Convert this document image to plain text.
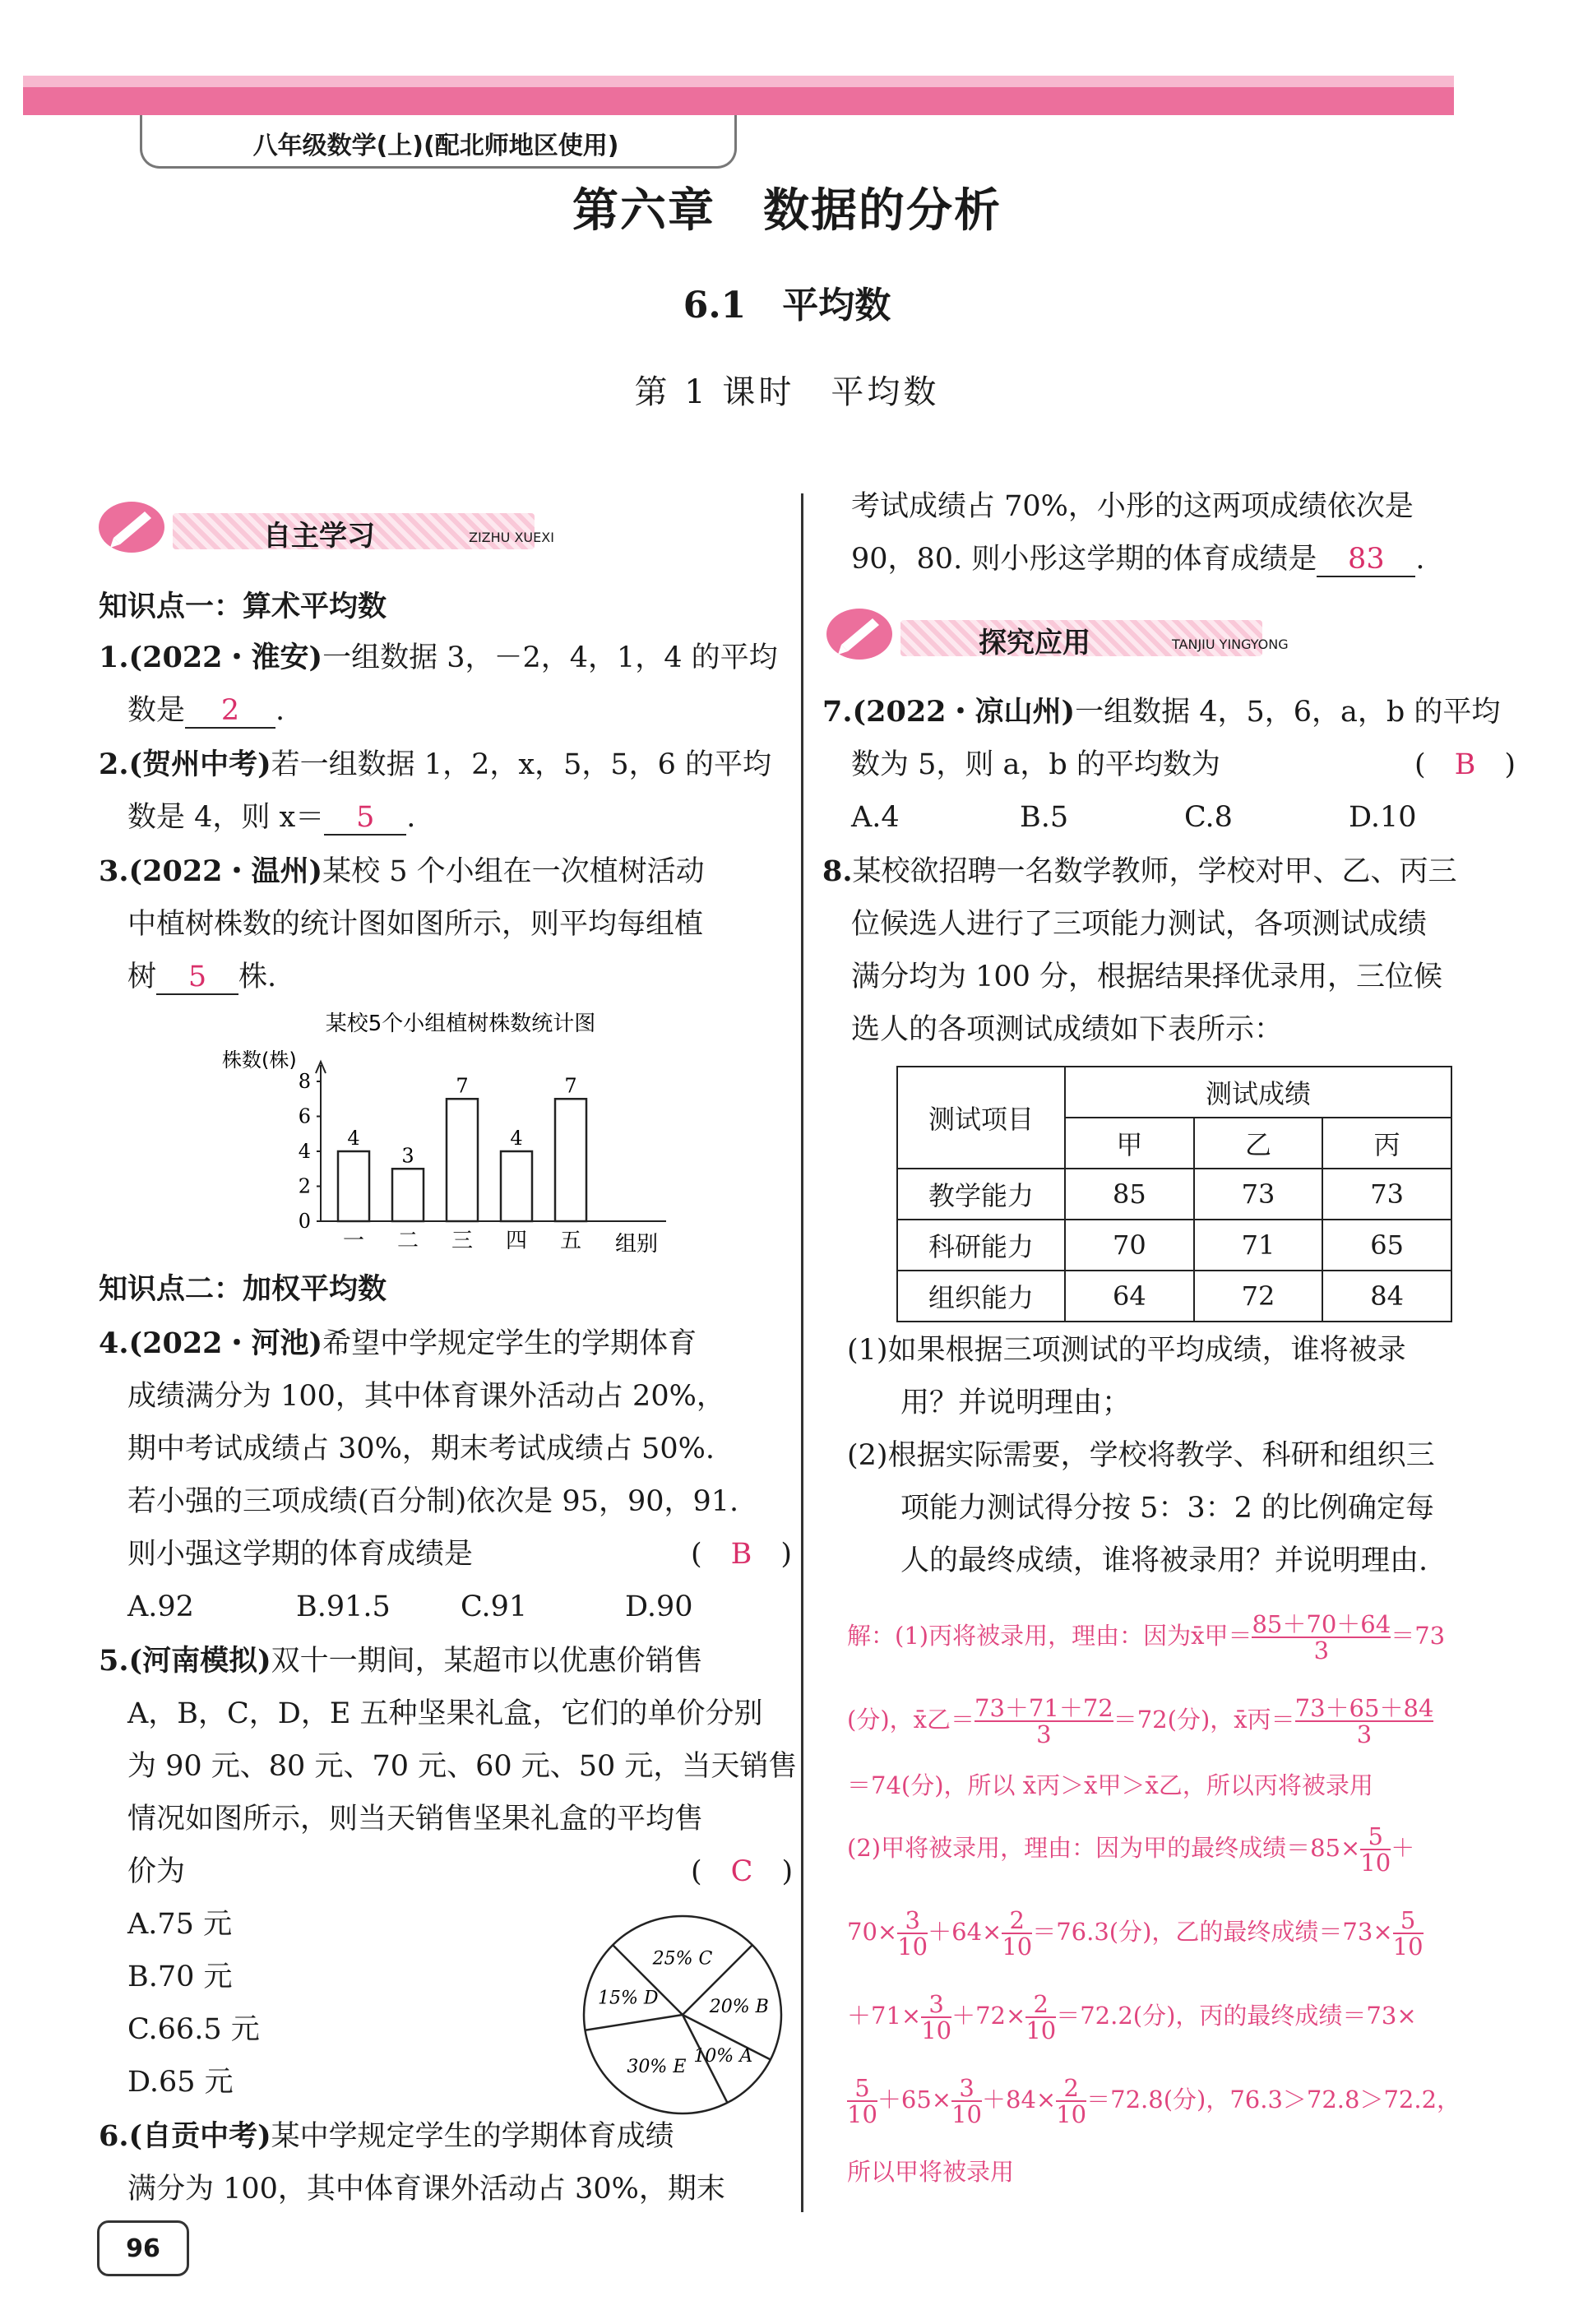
八年级数学(上)(配北师地区使用)
第六章　数据的分析
6.1　平均数
第 1 课时　平均数
自主学习	ZIZHU XUEXI
知识点一：算术平均数
1.(2022・淮安)一组数据 3，－2，4，1，4 的平均
数是 2 .
2.(贺州中考)若一组数据 1，2，x，5，5，6 的平均
数是 4，则 x＝ 5 .
3.(2022・温州)某校 5 个小组在一次植树活动
中植树株数的统计图如图所示，则平均每组植
树 5 株.
某校5个小组植树株数统计图
株数(株)
0
2
4
6
8
4
一
3
二
7
三
4
四
7
五 组别
知识点二：加权平均数
4.(2022・河池)希望中学规定学生的学期体育
成绩满分为 100，其中体育课外活动占 20%，
期中考试成绩占 30%，期末考试成绩占 50%.
若小强的三项成绩(百分制)依次是 95，90，91.
则小强这学期的体育成绩是	(　B　)
A.92	B.91.5 C.91	D.90
5.(河南模拟)双十一期间，某超市以优惠价销售
A，B，C，D，E 五种坚果礼盒，它们的单价分别
为 90 元、80 元、70 元、60 元、50 元，当天销售
情况如图所示，则当天销售坚果礼盒的平均售
价为	(　C　)
A.75 元
B.70 元
C.66.5 元
D.65 元
25% C
20% B
10% A
30% E
15% D
6.(自贡中考)某中学规定学生的学期体育成绩
满分为 100，其中体育课外活动占 30%，期末
96
考试成绩占 70%，小彤的这两项成绩依次是
90，80. 则小彤这学期的体育成绩是 83 .
探究应用	TANJIU YINGYONG
7.(2022・凉山州)一组数据 4，5，6，a，b 的平均
数为 5，则 a，b 的平均数为	(　B　)
A.4	B.5	C.8	D.10
8.某校欲招聘一名数学教师，学校对甲、乙、丙三
位候选人进行了三项能力测试，各项测试成绩
满分均为 100 分，根据结果择优录用，三位候
选人的各项测试成绩如下表所示：
测试项目	测试成绩		
	甲	乙	丙
教学能力	85	73	73
科研能力	70	71	65
组织能力	64	72	84
(1)如果根据三项测试的平均成绩，谁将被录
用？并说明理由；
(2)根据实际需要，学校将教学、科研和组织三
项能力测试得分按 5：3：2 的比例确定每
人的最终成绩，谁将被录用？并说明理由.
解：(1)丙将被录用，理由：因为x̄甲＝ $\frac{85+70+64}{3} =73$
(分)，x̄乙＝ $\frac{73+71+72}{3} =72$(分)，x̄丙＝ $\frac{73+65+84}{3}$
＝74(分)，所以 x̄丙＞x̄甲＞x̄乙，所以丙将被录用
(2)甲将被录用，理由：因为甲的最终成绩$=85\times \frac{5}{10}$ ＋
$70\times \frac{3}{10} +64\times \frac{2}{10} =76.3$(分)，乙的最终成绩$=73\times \frac{5}{10}$
$+71\times \frac{3}{10} +72\times \frac{2}{10} =72.2$(分)，丙的最终成绩＝73×
$\frac{5}{10} +65\times \frac{3}{10} +84\times \frac{2}{10} =72.8$(分)，76.3＞72.8＞72.2，
所以甲将被录用
